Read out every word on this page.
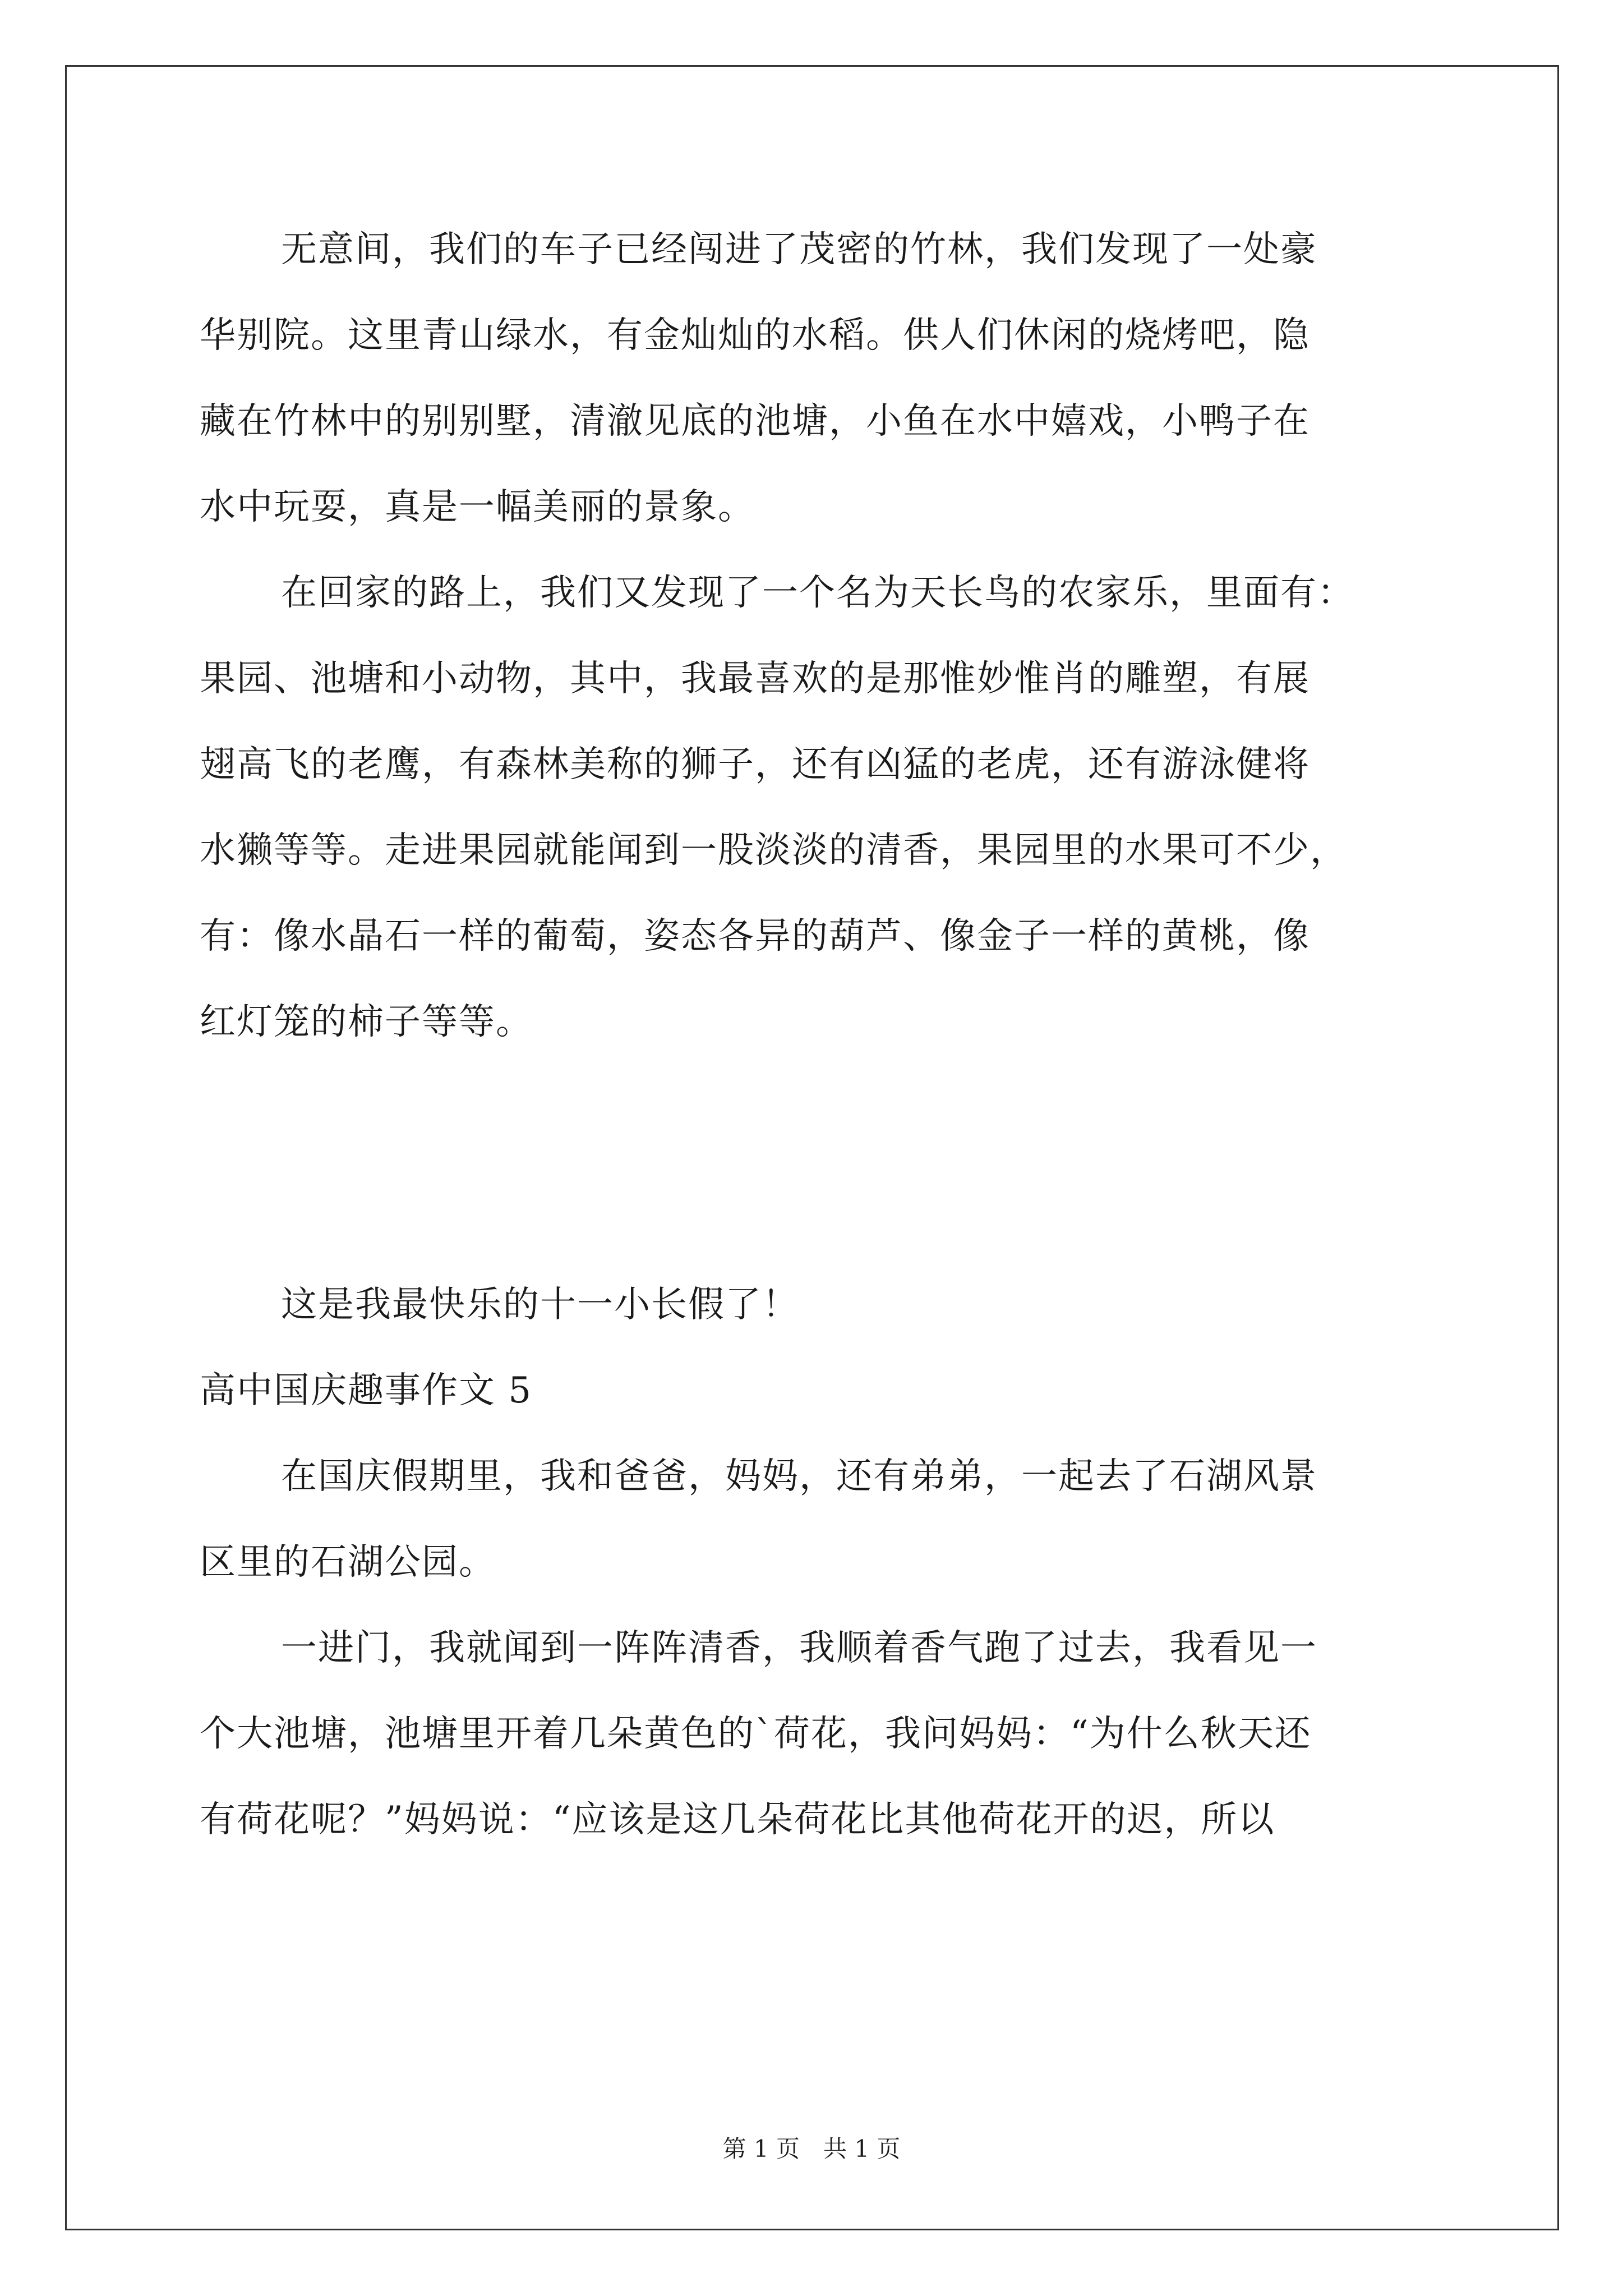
无意间，我们的车子已经闯进了茂密的竹林，我们发现了一处豪
华别院。这里青山绿水，有金灿灿的水稻。供人们休闲的烧烤吧，隐
藏在竹林中的别别墅，清澈见底的池塘，小鱼在水中嬉戏，小鸭子在
水中玩耍，真是一幅美丽的景象。
在回家的路上，我们又发现了一个名为天长鸟的农家乐，里面有：
果园、池塘和小动物，其中，我最喜欢的是那惟妙惟肖的雕塑，有展
翅高飞的老鹰，有森林美称的狮子，还有凶猛的老虎，还有游泳健将
水獭等等。走进果园就能闻到一股淡淡的清香，果园里的水果可不少，
有：像水晶石一样的葡萄，姿态各异的葫芦、像金子一样的黄桃，像
红灯笼的柿子等等。
这是我最快乐的十一小长假了！
高中国庆趣事作文 5
在国庆假期里，我和爸爸，妈妈，还有弟弟，一起去了石湖风景
区里的石湖公园。
一进门，我就闻到一阵阵清香，我顺着香气跑了过去，我看见一
个大池塘，池塘里开着几朵黄色的`荷花，我问妈妈：“为什么秋天还
有荷花呢？”妈妈说：“应该是这几朵荷花比其他荷花开的迟，所以
第 1 页　共 1 页
